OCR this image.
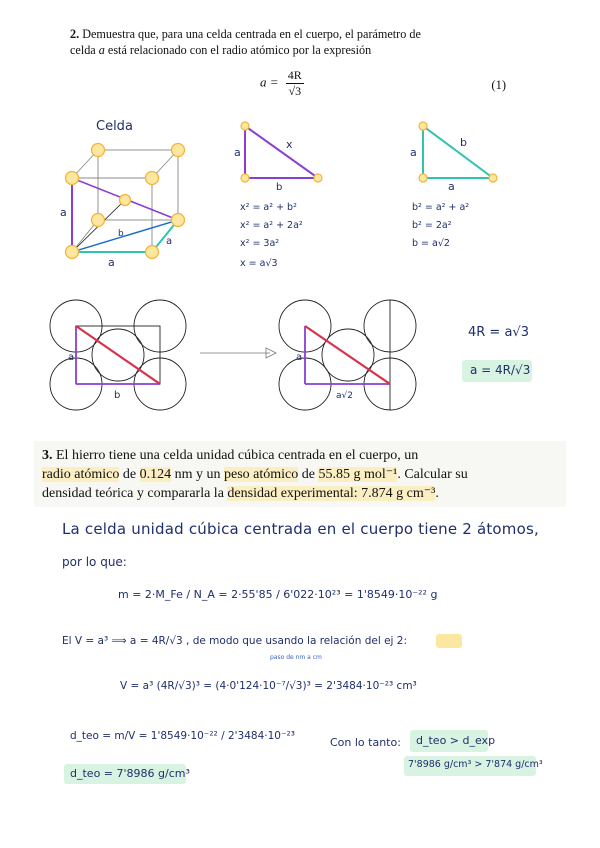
2. Demuestra que, para una celda centrada en el cuerpo, el parámetro de
celda a está relacionado con el radio atómico por la expresión
$a = \frac{4R}{√3}$	(1)
Celda
a
a
a
b
a
x
b
a
b
a
x² = a² + b²
x² = a² + 2a²
x² = 3a²
x = a√3
b² = a² + a²
b² = 2a²
b = a√2
a
b
a
a√2
4R = a√3
a = 4R/√3
3. El hierro tiene una celda unidad cúbica centrada en el cuerpo, un
radio atómico de 0.124 nm y un peso atómico de 55.85 g mol⁻¹. Calcular su
densidad teórica y compararla la densidad experimental: 7.874 g cm⁻³.
La celda unidad cúbica centrada en el cuerpo tiene 2 átomos,
por lo que:
m = 2·M_Fe / N_A = 2·55'85 / 6'022·10²³ = 1'8549·10⁻²² g
El V = a³ ⟹ a = 4R/√3 , de modo que usando la relación del ej 2:
paso de nm a cm
V = a³ (4R/√3)³ = (4·0'124·10⁻⁷/√3)³ = 2'3484·10⁻²³ cm³
d_teo = m/V = 1'8549·10⁻²² / 2'3484·10⁻²³
d_teo = 7'8986 g/cm³
Con lo tanto: d_teo > d_exp
7'8986 g/cm³ > 7'874 g/cm³
